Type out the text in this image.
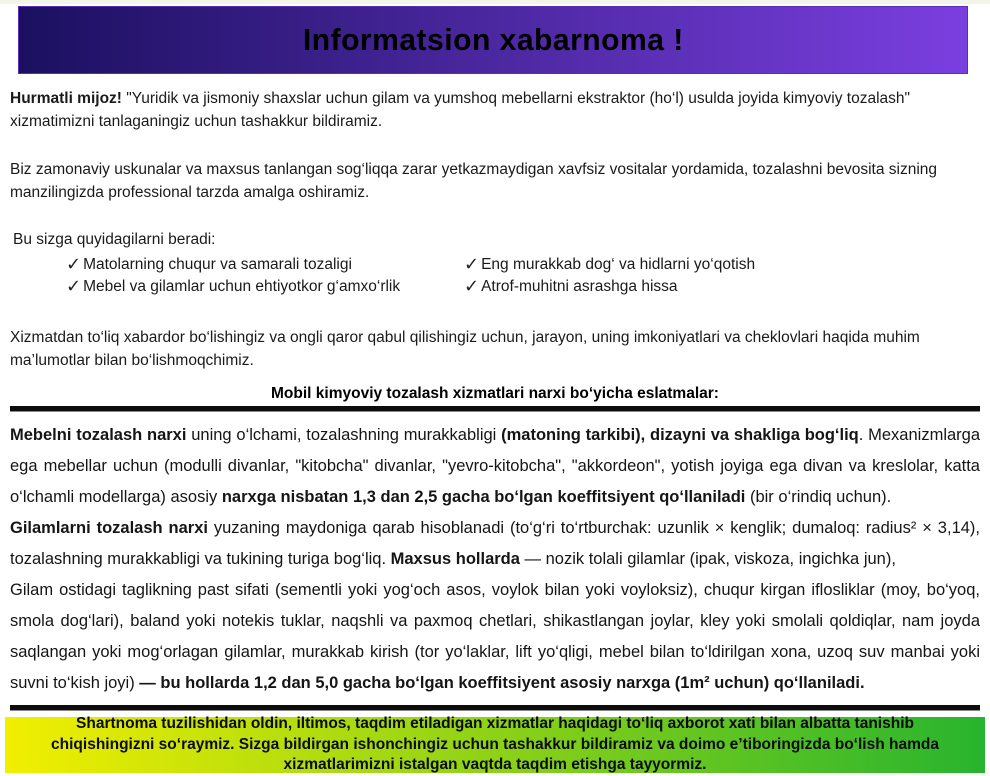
Informatsion xabarnoma !

Hurmatli mijoz! "Yuridik va jismoniy shaxslar uchun gilam va yumshoq mebellarni ekstraktor (ho‘l) usulda joyida kimyoviy tozalash" xizmatimizni tanlaganingiz uchun tashakkur bildiramiz.

Biz zamonaviy uskunalar va maxsus tanlangan sog‘liqqa zarar yetkazmaydigan xavfsiz vositalar yordamida, tozalashni bevosita sizning manzilingizda professional tarzda amalga oshiramiz.

Bu sizga quyidagilarni beradi:

✓ Matolarning chuqur va samarali tozaligi	✓ Eng murakkab dog‘ va hidlarni yo‘qotish
✓ Mebel va gilamlar uchun ehtiyotkor g‘amxo‘rlik	✓ Atrof-muhitni asrashga hissa

Xizmatdan to‘liq xabardor bo‘lishingiz va ongli qaror qabul qilishingiz uchun, jarayon, uning imkoniyatlari va cheklovlari haqida muhim ma’lumotlar bilan bo‘lishmoqchimiz.

Mobil kimyoviy tozalash xizmatlari narxi bo‘yicha eslatmalar:

Mebelni tozalash narxi uning o‘lchami, tozalashning murakkabligi (matoning tarkibi), dizayni va shakliga bog‘liq. Mexanizmlarga ega mebellar uchun (modulli divanlar, "kitobcha" divanlar, "yevro-kitobcha", "akkordeon", yotish joyiga ega divan va kreslolar, katta o‘lchamli modellarga) asosiy narxga nisbatan 1,3 dan 2,5 gacha bo‘lgan koeffitsiyent qo‘llaniladi (bir o‘rindiq uchun).

Gilamlarni tozalash narxi yuzaning maydoniga qarab hisoblanadi (to‘g‘ri to‘rtburchak: uzunlik × kenglik; dumaloq: radius² × 3,14), tozalashning murakkabligi va tukining turiga bog‘liq. Maxsus hollarda — nozik tolali gilamlar (ipak, viskoza, ingichka jun),

Gilam ostidagi taglikning past sifati (sementli yoki yog‘och asos, voylok bilan yoki voyloksiz), chuqur kirgan iflosliklar (moy, bo‘yoq, smola dog‘lari), baland yoki notekis tuklar, naqshli va paxmoq chetlari, shikastlangan joylar, kley yoki smolali qoldiqlar, nam joyda saqlangan yoki mog‘orlagan gilamlar, murakkab kirish (tor yo‘laklar, lift yo‘qligi, mebel bilan to‘ldirilgan xona, uzoq suv manbai yoki suvni to‘kish joyi) — bu hollarda 1,2 dan 5,0 gacha bo‘lgan koeffitsiyent asosiy narxga (1m² uchun) qo‘llaniladi.

Shartnoma tuzilishidan oldin, iltimos, taqdim etiladigan xizmatlar haqidagi to‘liq axborot xati bilan albatta tanishib chiqishingizni so‘raymiz. Sizga bildirgan ishonchingiz uchun tashakkur bildiramiz va doimo e’tiboringizda bo‘lish hamda xizmatlarimizni istalgan vaqtda taqdim etishga tayyormiz.
